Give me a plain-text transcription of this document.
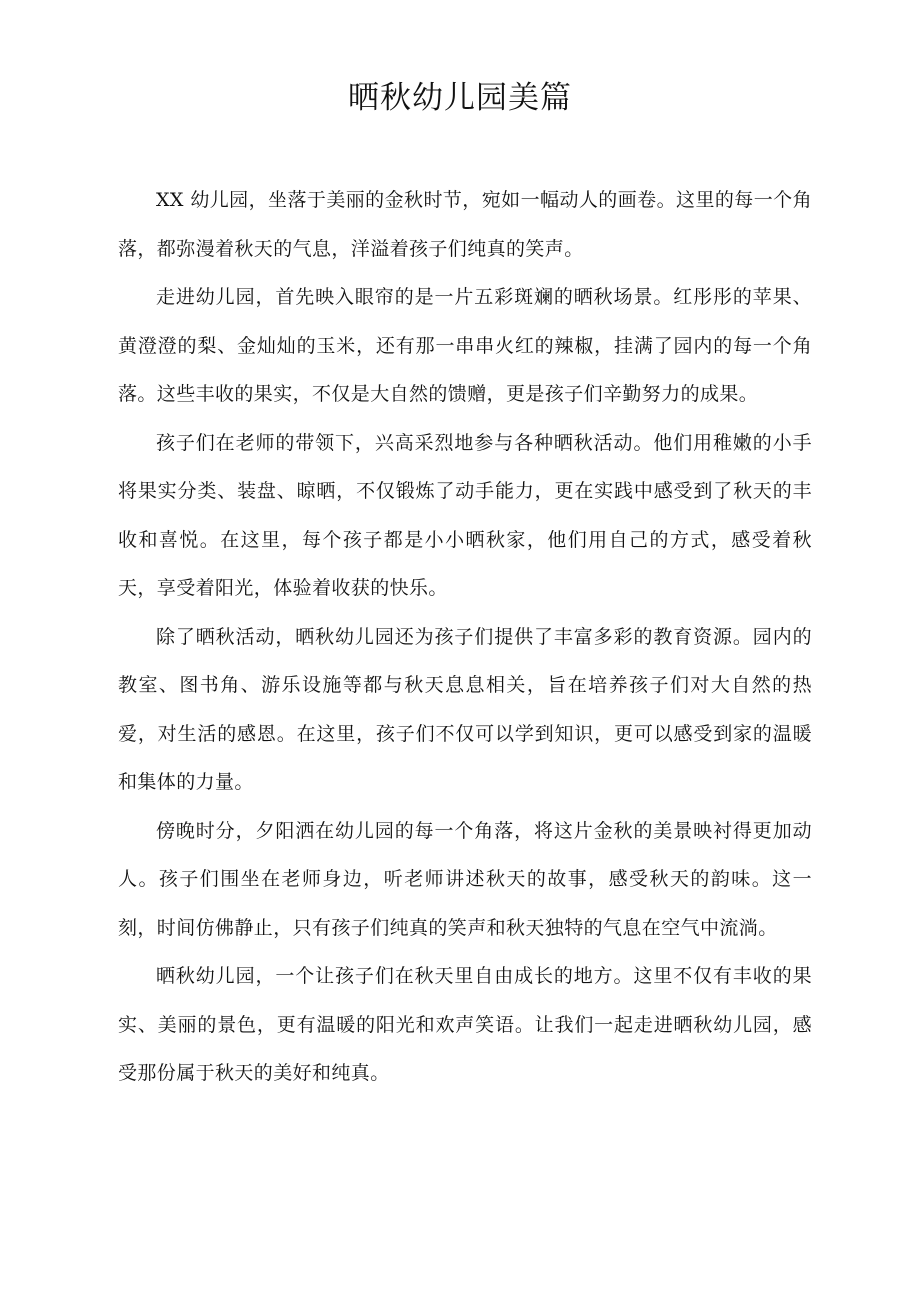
晒秋幼儿园美篇

XX 幼儿园，坐落于美丽的金秋时节，宛如一幅动人的画卷。这里的每一个角落，都弥漫着秋天的气息，洋溢着孩子们纯真的笑声。

走进幼儿园，首先映入眼帘的是一片五彩斑斓的晒秋场景。红彤彤的苹果、黄澄澄的梨、金灿灿的玉米，还有那一串串火红的辣椒，挂满了园内的每一个角落。这些丰收的果实，不仅是大自然的馈赠，更是孩子们辛勤努力的成果。

孩子们在老师的带领下，兴高采烈地参与各种晒秋活动。他们用稚嫩的小手将果实分类、装盘、晾晒，不仅锻炼了动手能力，更在实践中感受到了秋天的丰收和喜悦。在这里，每个孩子都是小小晒秋家，他们用自己的方式，感受着秋天，享受着阳光，体验着收获的快乐。

除了晒秋活动，晒秋幼儿园还为孩子们提供了丰富多彩的教育资源。园内的教室、图书角、游乐设施等都与秋天息息相关，旨在培养孩子们对大自然的热爱，对生活的感恩。在这里，孩子们不仅可以学到知识，更可以感受到家的温暖和集体的力量。

傍晚时分，夕阳洒在幼儿园的每一个角落，将这片金秋的美景映衬得更加动人。孩子们围坐在老师身边，听老师讲述秋天的故事，感受秋天的韵味。这一刻，时间仿佛静止，只有孩子们纯真的笑声和秋天独特的气息在空气中流淌。

晒秋幼儿园，一个让孩子们在秋天里自由成长的地方。这里不仅有丰收的果实、美丽的景色，更有温暖的阳光和欢声笑语。让我们一起走进晒秋幼儿园，感受那份属于秋天的美好和纯真。
